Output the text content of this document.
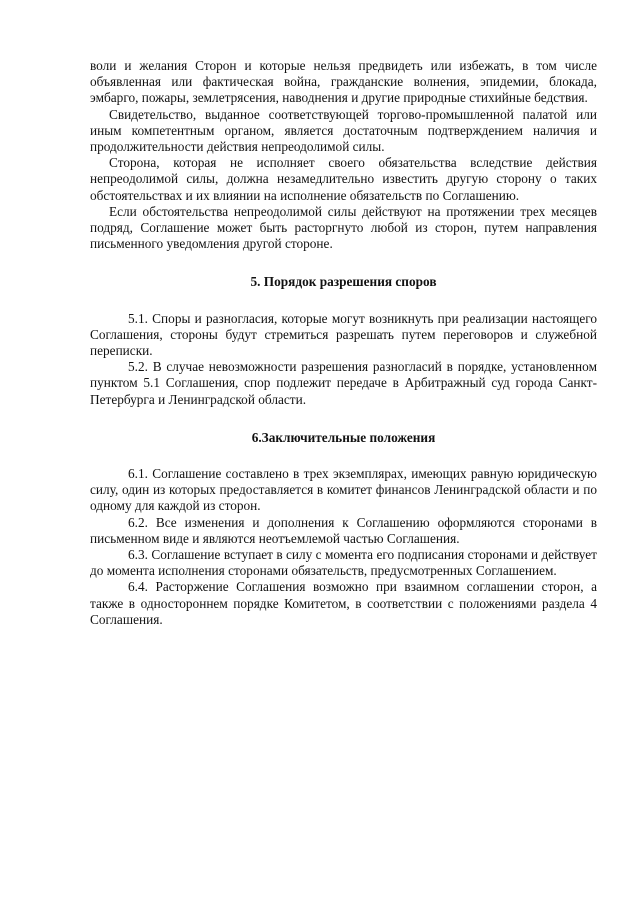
воли и желания Сторон и которые нельзя предвидеть или избежать, в том числе объявленная или фактическая война, гражданские волнения, эпидемии, блокада, эмбарго, пожары, землетрясения, наводнения и другие природные стихийные бедствия.

Свидетельство, выданное соответствующей торгово-промышленной палатой или иным компетентным органом, является достаточным подтверждением наличия и продолжительности действия непреодолимой силы.

Сторона, которая не исполняет своего обязательства вследствие действия непреодолимой силы, должна незамедлительно известить другую сторону о таких обстоятельствах и их влиянии на исполнение обязательств по Соглашению.

Если обстоятельства непреодолимой силы действуют на протяжении трех месяцев подряд, Соглашение может быть расторгнуто любой из сторон, путем направления письменного уведомления другой стороне.

5. Порядок разрешения споров

5.1. Споры и разногласия, которые могут возникнуть при реализации настоящего Соглашения, стороны будут стремиться разрешать путем переговоров и служебной переписки.

5.2. В случае невозможности разрешения разногласий в порядке, установленном пунктом 5.1 Соглашения, спор подлежит передаче в Арбитражный суд города Санкт-Петербурга и Ленинградской области.

6.Заключительные положения

6.1. Соглашение составлено в трех экземплярах, имеющих равную юридическую силу, один из которых предоставляется в комитет финансов Ленинградской области и по одному для каждой из сторон.

6.2. Все изменения и дополнения к Соглашению оформляются сторонами в письменном виде и являются неотъемлемой частью Соглашения.

6.3. Соглашение вступает в силу с момента его подписания сторонами и действует до момента исполнения сторонами обязательств, предусмотренных Соглашением.

6.4. Расторжение Соглашения возможно при взаимном соглашении сторон, а также в одностороннем порядке Комитетом, в соответствии с положениями раздела 4 Соглашения.
